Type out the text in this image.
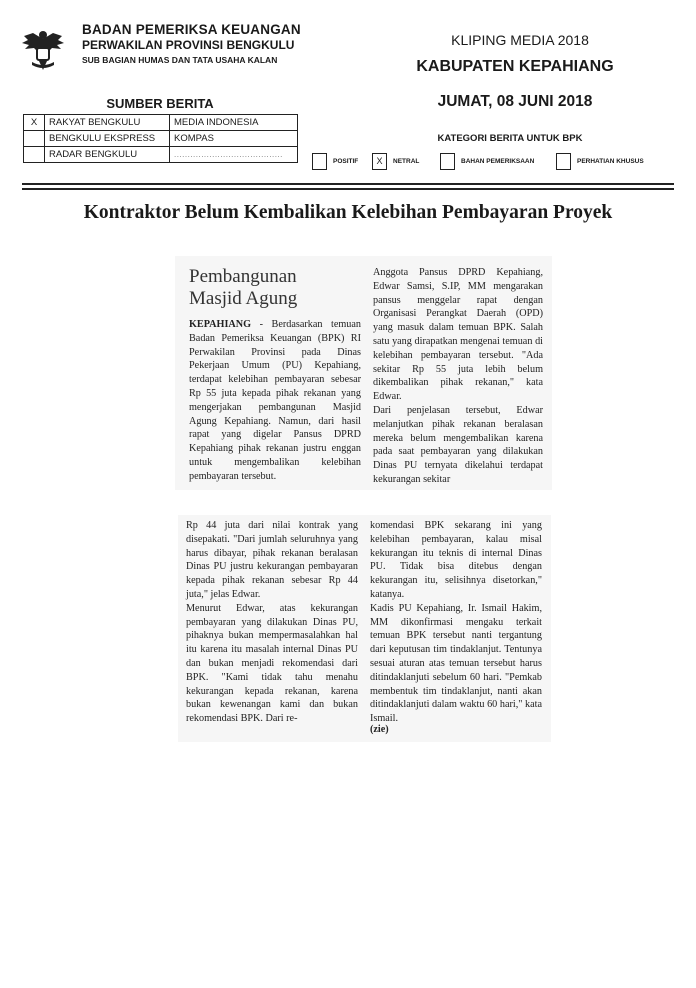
BADAN PEMERIKSA KEUANGAN
PERWAKILAN PROVINSI BENGKULU
SUB BAGIAN HUMAS DAN TATA USAHA KALAN
KLIPING MEDIA 2018
KABUPATEN KEPAHIANG
JUMAT, 08 JUNI 2018
SUMBER BERITA
X	RAKYAT BENGKULU	MEDIA INDONESIA
	BENGKULU EKSPRESS	KOMPAS
	RADAR BENGKULU	........................................
KATEGORI BERITA UNTUK BPK
POSITIF	X	NETRAL	BAHAN PEMERIKSAAN	PERHATIAN KHUSUS
Kontraktor Belum Kembalikan Kelebihan Pembayaran Proyek
Pembangunan
Masjid Agung
KEPAHIANG - Berdasarkan temuan Badan Pemeriksa Keuangan (BPK) RI Perwakilan Provinsi pada Dinas Pekerjaan Umum (PU) Kepahiang, terdapat kelebihan pembayaran sebesar Rp 55 juta kepada pihak rekanan yang mengerjakan pembangunan Masjid Agung Kepahiang. Namun, dari hasil rapat yang digelar Pansus DPRD Kepahiang pihak rekanan justru enggan untuk mengembalikan kelebihan pembayaran tersebut.
Anggota Pansus DPRD Kepahiang, Edwar Samsi, S.IP, MM mengarakan pansus menggelar rapat dengan Organisasi Perangkat Daerah (OPD) yang masuk dalam temuan BPK. Salah satu yang dirapatkan mengenai temuan di kelebihan pembayaran tersebut. "Ada sekitar Rp 55 juta lebih belum dikembalikan pihak rekanan," kata Edwar.
Dari penjelasan tersebut, Edwar melanjutkan pihak rekanan beralasan mereka belum mengembalikan karena pada saat pembayaran yang dilakukan Dinas PU ternyata dikelahui terdapat kekurangan sekitar
Rp 44 juta dari nilai kontrak yang disepakati. "Dari jumlah seluruhnya yang harus dibayar, pihak rekanan beralasan Dinas PU justru kekurangan pembayaran kepada pihak rekanan sebesar Rp 44 juta," jelas Edwar.
Menurut Edwar, atas kekurangan pembayaran yang dilakukan Dinas PU, pihaknya bukan mempermasalahkan hal itu karena itu masalah internal Dinas PU dan bukan menjadi rekomendasi dari BPK. "Kami tidak tahu menahu kekurangan kepada rekanan, karena bukan kewenangan kami dan bukan rekomendasi BPK. Dari re-
komendasi BPK sekarang ini yang kelebihan pembayaran, kalau misal kekurangan itu teknis di internal Dinas PU. Tidak bisa ditebus dengan kekurangan itu, selisihnya disetorkan," katanya.
Kadis PU Kepahiang, Ir. Ismail Hakim, MM dikonfirmasi mengaku terkait temuan BPK tersebut nanti tergantung dari keputusan tim tindaklanjut. Tentunya sesuai aturan atas temuan tersebut harus ditindaklanjuti sebelum 60 hari. "Pemkab membentuk tim tindaklanjut, nanti akan ditindaklanjuti dalam waktu 60 hari," kata Ismail.
(zie)
